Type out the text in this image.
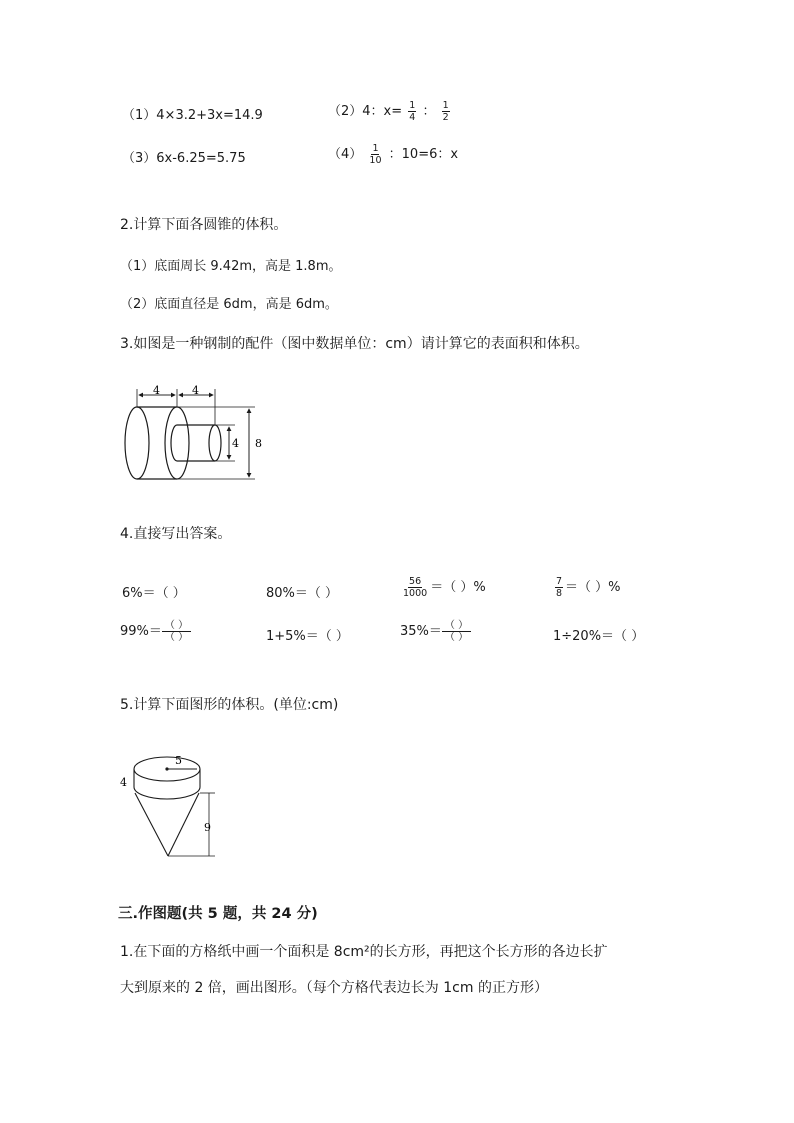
（1）4×3.2+3x=14.9	（2）4：$x= \frac{1}{4}$ ： $\frac{1}{2}$
（3）6x-6.25=5.75	$(4) \frac{1}{10}$ ：10=6：x
2.计算下面各圆锥的体积。
（1）底面周长 9.42m，高是 1.8m。
（2）底面直径是 6dm，高是 6dm。
3.如图是一种钢制的配件（图中数据单位：cm）请计算它的表面积和体积。
4	4
4 8
4.直接写出答案。
6%＝（ ）	80%＝（ ）	$\frac{56}{1000}$ ＝（ ）%	$\frac{7}{8}$ ＝（ ）%
$99\%= \frac{( )}{( )}$	1+5%＝（ ）	$35\%= \frac{( )}{( )}$	1÷20%＝（ ）
5.计算下面图形的体积。(单位:cm)
5
4
9
三.作图题(共 5 题，共 24 分)
1.在下面的方格纸中画一个面积是 8cm²的长方形，再把这个长方形的各边长扩
大到原来的 2 倍，画出图形。（每个方格代表边长为 1cm 的正方形）
